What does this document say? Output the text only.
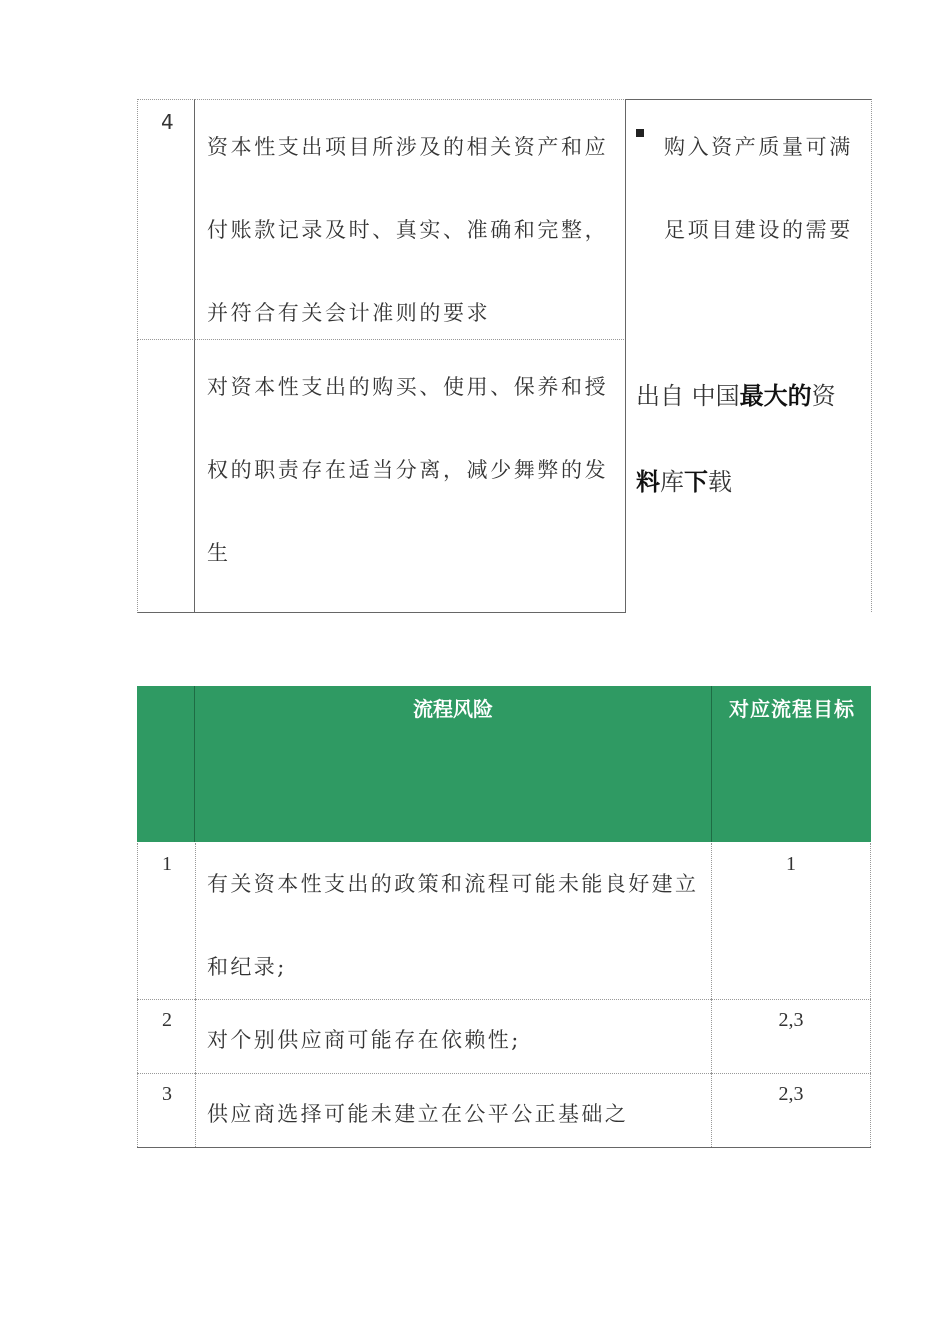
4
资本性支出项目所涉及的相关资产和应付账款记录及时、真实、准确和完整，并符合有关会计准则的要求
对资本性支出的购买、使用、保养和授权的职责存在适当分离，减少舞弊的发生
购入资产质量可满足项目建设的需要
出自 中国最大的资
料库下载
流程风险	对应流程目标
1
有关资本性支出的政策和流程可能未能良好建立和纪录;
1
2
对个别供应商可能存在依赖性;
2,3
3
供应商选择可能未建立在公平公正基础之
2,3
